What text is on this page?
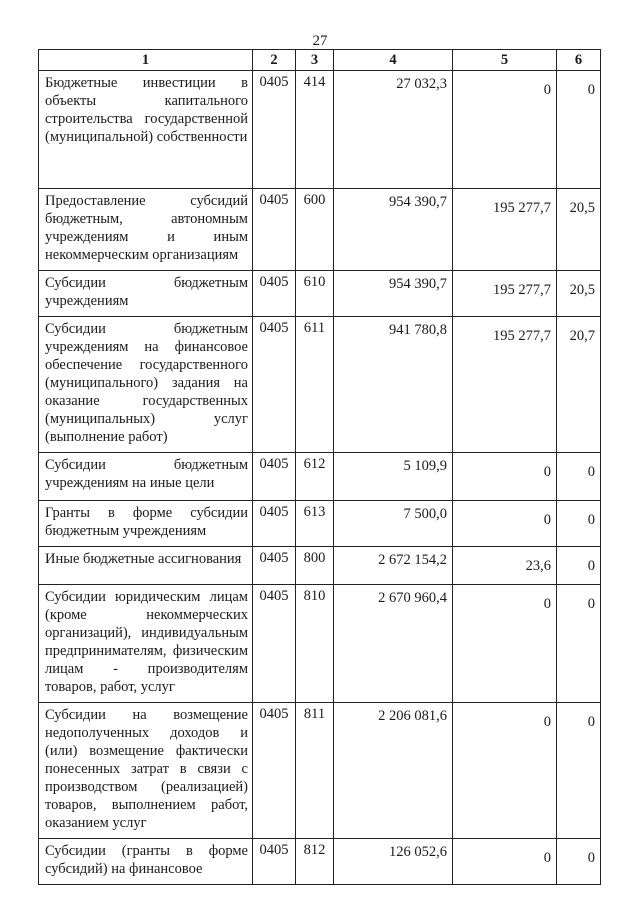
27
1	2	3	4	5	6
Бюджетные инвестиции в объекты капитального строительства государственной (муниципальной) собственности	0405	414	27 032,3	0	0
Предоставление субсидий бюджетным, автономным учреждениям и иным некоммерческим организациям	0405	600	954 390,7	195 277,7	20,5
Субсидии бюджетным учреждениям	0405	610	954 390,7	195 277,7	20,5
Субсидии бюджетным учреждениям на финансовое обеспечение государственного (муниципального) задания на оказание государственных (муниципальных) услуг (выполнение работ)	0405	611	941 780,8	195 277,7	20,7
Субсидии бюджетным учреждениям на иные цели	0405	612	5 109,9	0	0
Гранты в форме субсидии бюджетным учреждениям	0405	613	7 500,0	0	0
Иные бюджетные ассигнования	0405	800	2 672 154,2	23,6	0
Субсидии юридическим лицам (кроме некоммерческих организаций), индивидуальным предпринимателям, физическим лицам - производителям товаров, работ, услуг	0405	810	2 670 960,4	0	0
Субсидии на возмещение недополученных доходов и (или) возмещение фактически понесенных затрат в связи с производством (реализацией) товаров, выполнением работ, оказанием услуг	0405	811	2 206 081,6	0	0
Субсидии (гранты в форме субсидий) на финансовое	0405	812	126 052,6	0	0
